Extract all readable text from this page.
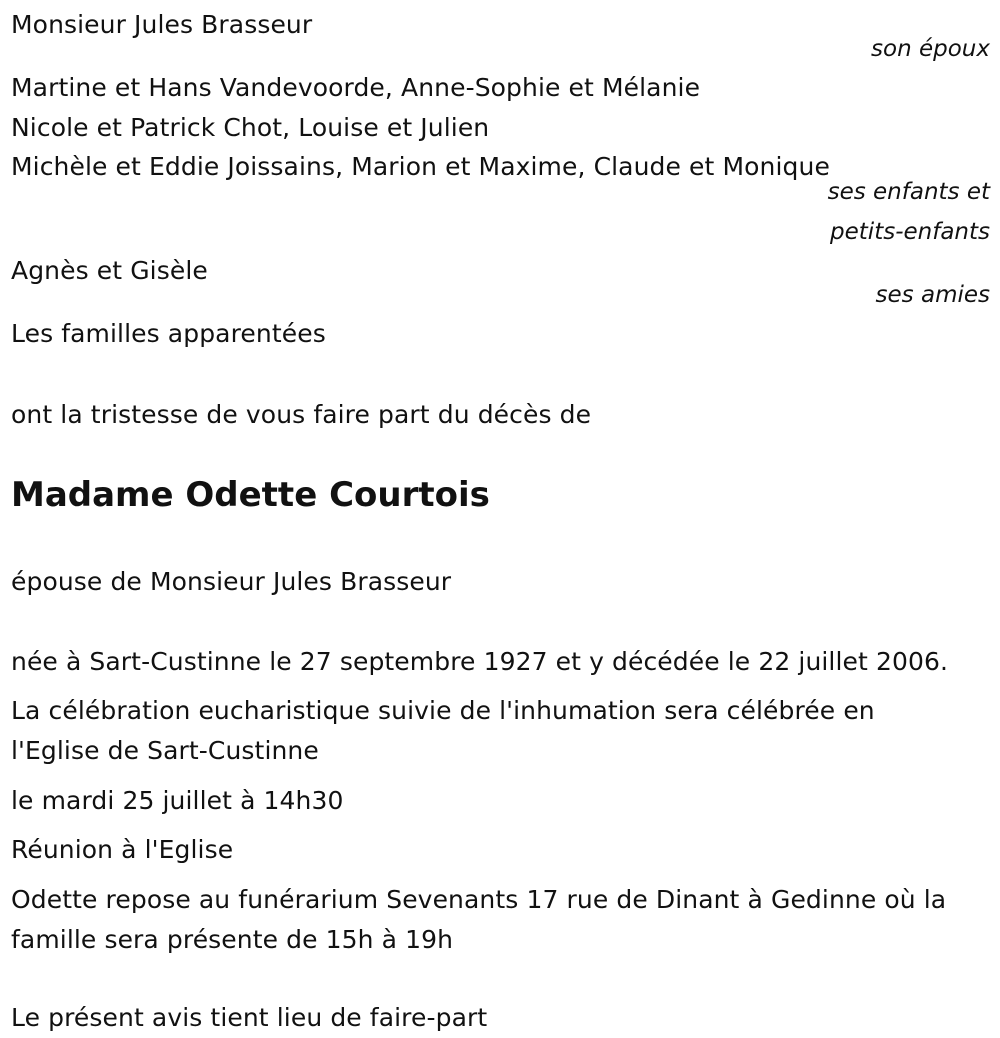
Monsieur Jules Brasseur
son époux
Martine et Hans Vandevoorde, Anne-Sophie et Mélanie
Nicole et Patrick Chot, Louise et Julien
Michèle et Eddie Joissains, Marion et Maxime, Claude et Monique
ses enfants et
petits-enfants
Agnès et Gisèle
ses amies
Les familles apparentées
ont la tristesse de vous faire part du décès de
Madame Odette Courtois
épouse de Monsieur Jules Brasseur
née à Sart-Custinne le 27 septembre 1927 et y décédée le 22 juillet 2006.
La célébration eucharistique suivie de l'inhumation sera célébrée en
l'Eglise de Sart-Custinne
le mardi 25 juillet à 14h30
Réunion à l'Eglise
Odette repose au funérarium Sevenants 17 rue de Dinant à Gedinne où la
famille sera présente de 15h à 19h
Le présent avis tient lieu de faire-part
